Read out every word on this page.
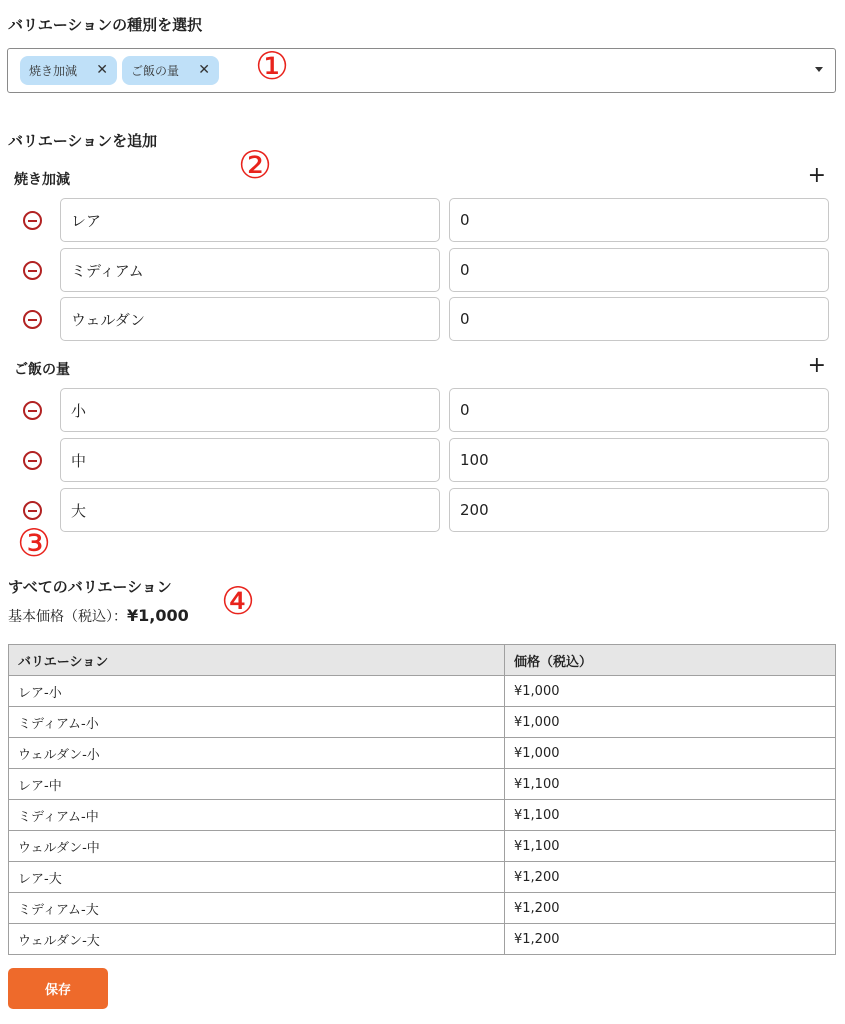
バリエーションの種別を選択
焼き加減 ✕ ご飯の量 ✕ ①
バリエーションを追加
②
焼き加減	+
レア	0
ミディアム	0
ウェルダン	0
ご飯の量	+
小	0
中	100
大	200
③
すべてのバリエーション ④
基本価格（税込）：¥1,000
バリエーション	価格（税込）
レア-小	¥1,000
ミディアム-小	¥1,000
ウェルダン-小	¥1,000
レア-中	¥1,100
ミディアム-中	¥1,100
ウェルダン-中	¥1,100
レア-大	¥1,200
ミディアム-大	¥1,200
ウェルダン-大	¥1,200
保存
